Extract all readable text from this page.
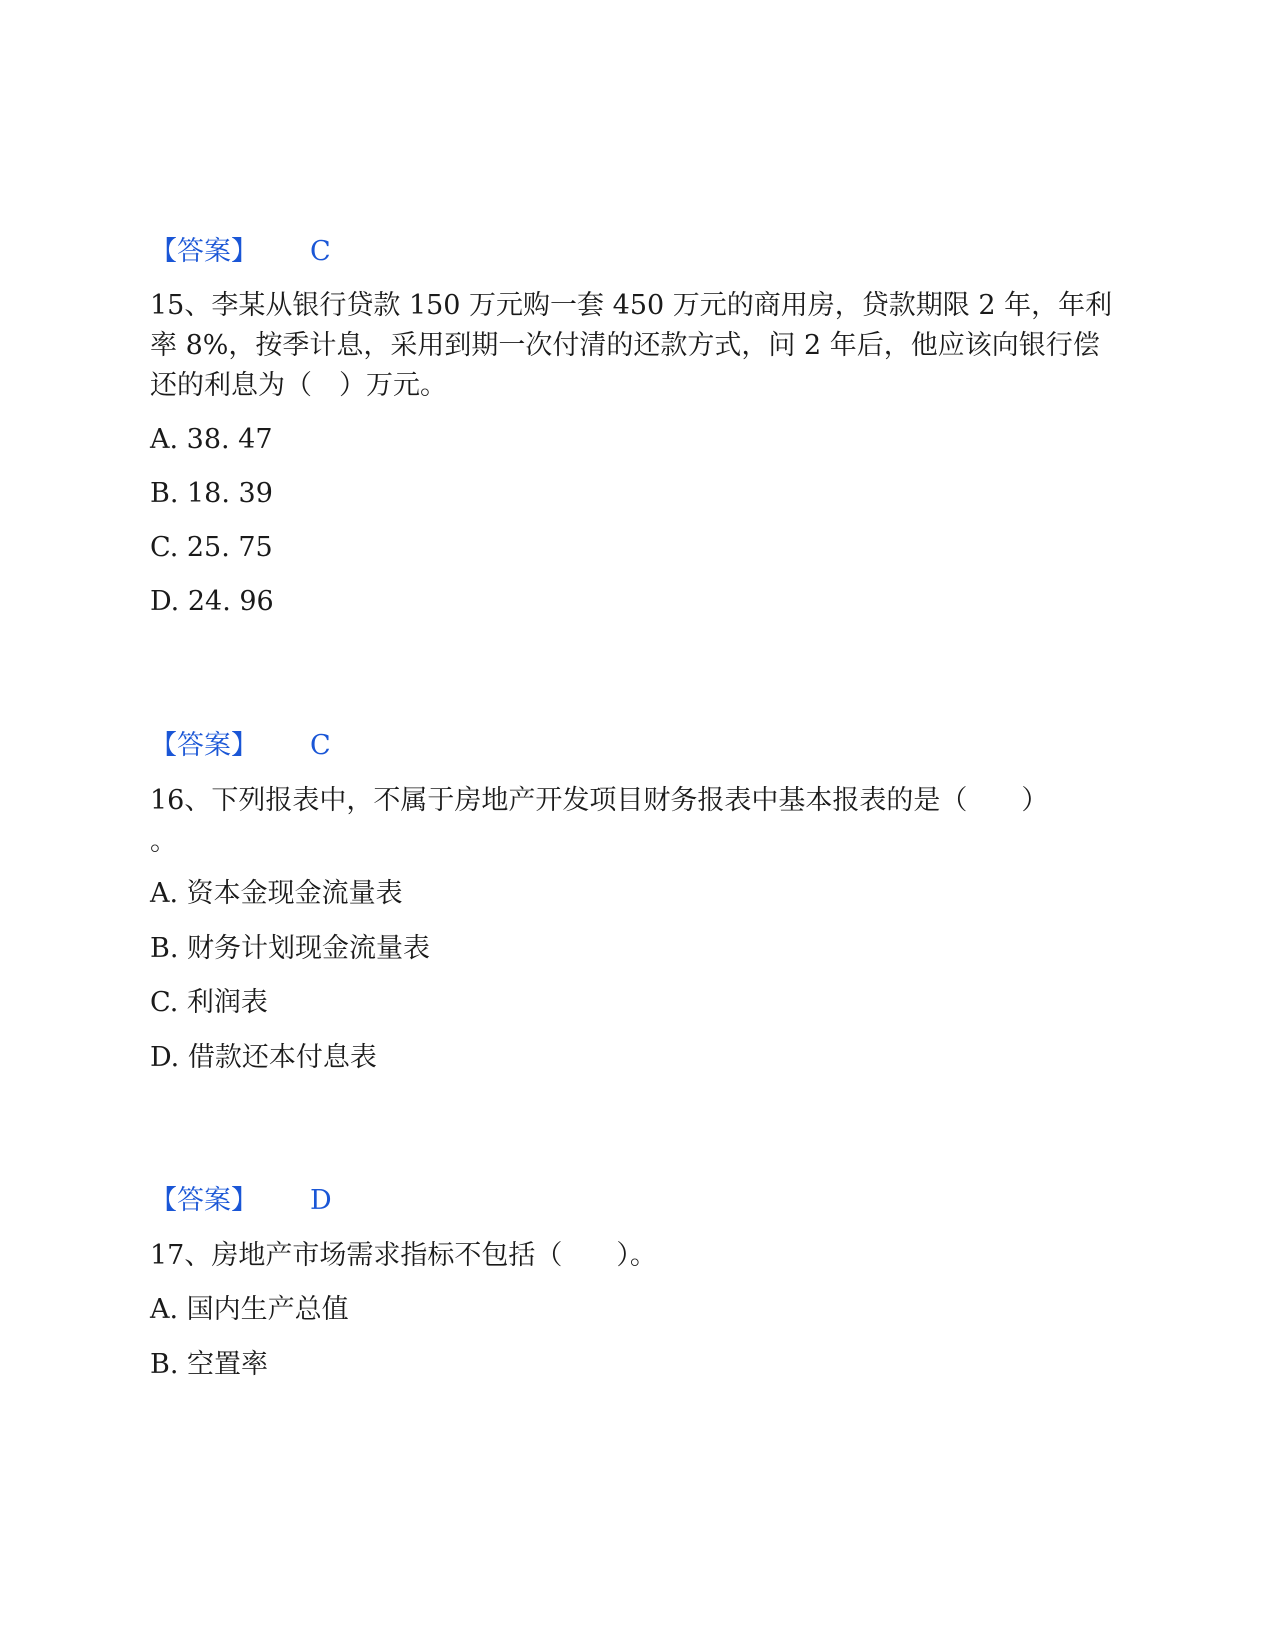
【答案】 C

15、李某从银行贷款 150 万元购一套 450 万元的商用房，贷款期限 2 年，年利率 8%，按季计息，采用到期一次付清的还款方式，问 2 年后，他应该向银行偿还的利息为（　）万元。

A. 38. 47
B. 18. 39
C. 25. 75
D. 24. 96
【答案】 C
16、下列报表中，不属于房地产开发项目财务报表中基本报表的是（　　）
。
A. 资本金现金流量表
B. 财务计划现金流量表
C. 利润表
D. 借款还本付息表
【答案】 D
17、房地产市场需求指标不包括（　　）。
A. 国内生产总值
B. 空置率
